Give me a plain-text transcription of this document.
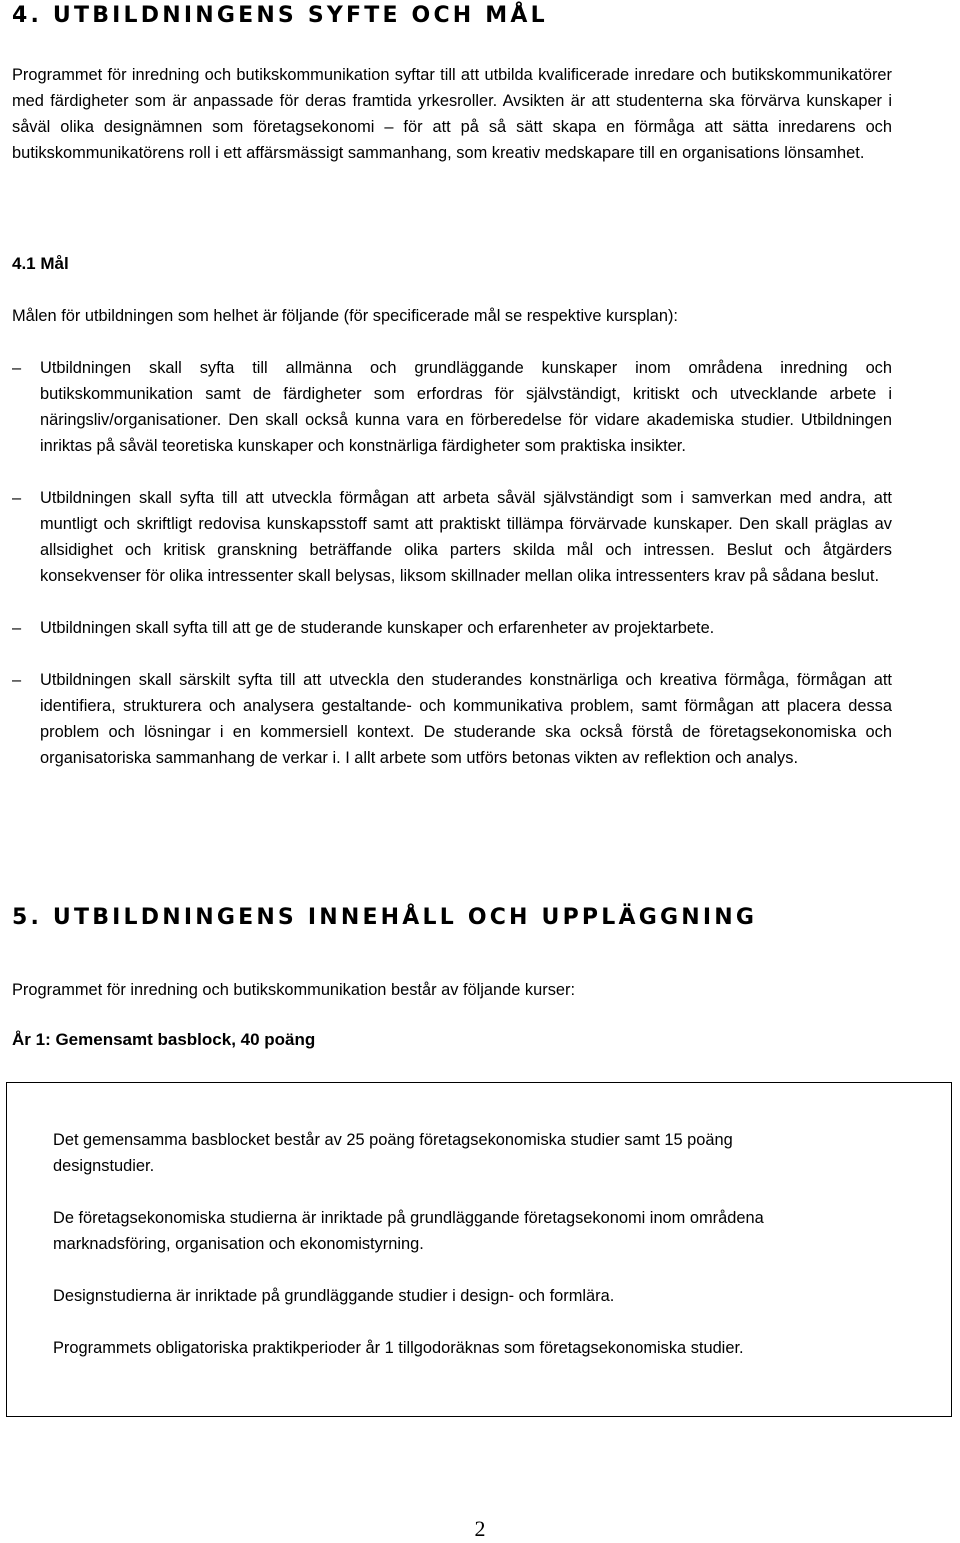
4. UTBILDNINGENS SYFTE OCH MÅL

Programmet för inredning och butikskommunikation syftar till att utbilda kvalificerade inredare och butikskommunikatörer med färdigheter som är anpassade för deras framtida yrkesroller. Avsikten är att studenterna ska förvärva kunskaper i såväl olika designämnen som företagsekonomi – för att på så sätt skapa en förmåga att sätta inredarens och butikskommunikatörens roll i ett affärsmässigt sammanhang, som kreativ medskapare till en organisations lönsamhet.

4.1 Mål

Målen för utbildningen som helhet är följande (för specificerade mål se respektive kursplan):

– Utbildningen skall syfta till allmänna och grundläggande kunskaper inom områdena inredning och butikskommunikation samt de färdigheter som erfordras för självständigt, kritiskt och utvecklande arbete i näringsliv/organisationer. Den skall också kunna vara en förberedelse för vidare akademiska studier. Utbildningen inriktas på såväl teoretiska kunskaper och konstnärliga färdigheter som praktiska insikter.
– Utbildningen skall syfta till att utveckla förmågan att arbeta såväl självständigt som i samverkan med andra, att muntligt och skriftligt redovisa kunskapsstoff samt att praktiskt tillämpa förvärvade kunskaper. Den skall präglas av allsidighet och kritisk granskning beträffande olika parters skilda mål och intressen. Beslut och åtgärders konsekvenser för olika intressenter skall belysas, liksom skillnader mellan olika intressenters krav på sådana beslut.
– Utbildningen skall syfta till att ge de studerande kunskaper och erfarenheter av projektarbete.
– Utbildningen skall särskilt syfta till att utveckla den studerandes konstnärliga och kreativa förmåga, förmågan att identifiera, strukturera och analysera gestaltande- och kommunikativa problem, samt förmågan att placera dessa problem och lösningar i en kommersiell kontext. De studerande ska också förstå de företagsekonomiska och organisatoriska sammanhang de verkar i. I allt arbete som utförs betonas vikten av reflektion och analys.
5. UTBILDNINGENS INNEHÅLL OCH UPPLÄGGNING

Programmet för inredning och butikskommunikation består av följande kurser:

År 1: Gemensamt basblock, 40 poäng

Det gemensamma basblocket består av 25 poäng företagsekonomiska studier samt 15 poäng designstudier.

De företagsekonomiska studierna är inriktade på grundläggande företagsekonomi inom områdena marknadsföring, organisation och ekonomistyrning.

Designstudierna är inriktade på grundläggande studier i design- och formlära.

Programmets obligatoriska praktikperioder år 1 tillgodoräknas som företagsekonomiska studier.

2
